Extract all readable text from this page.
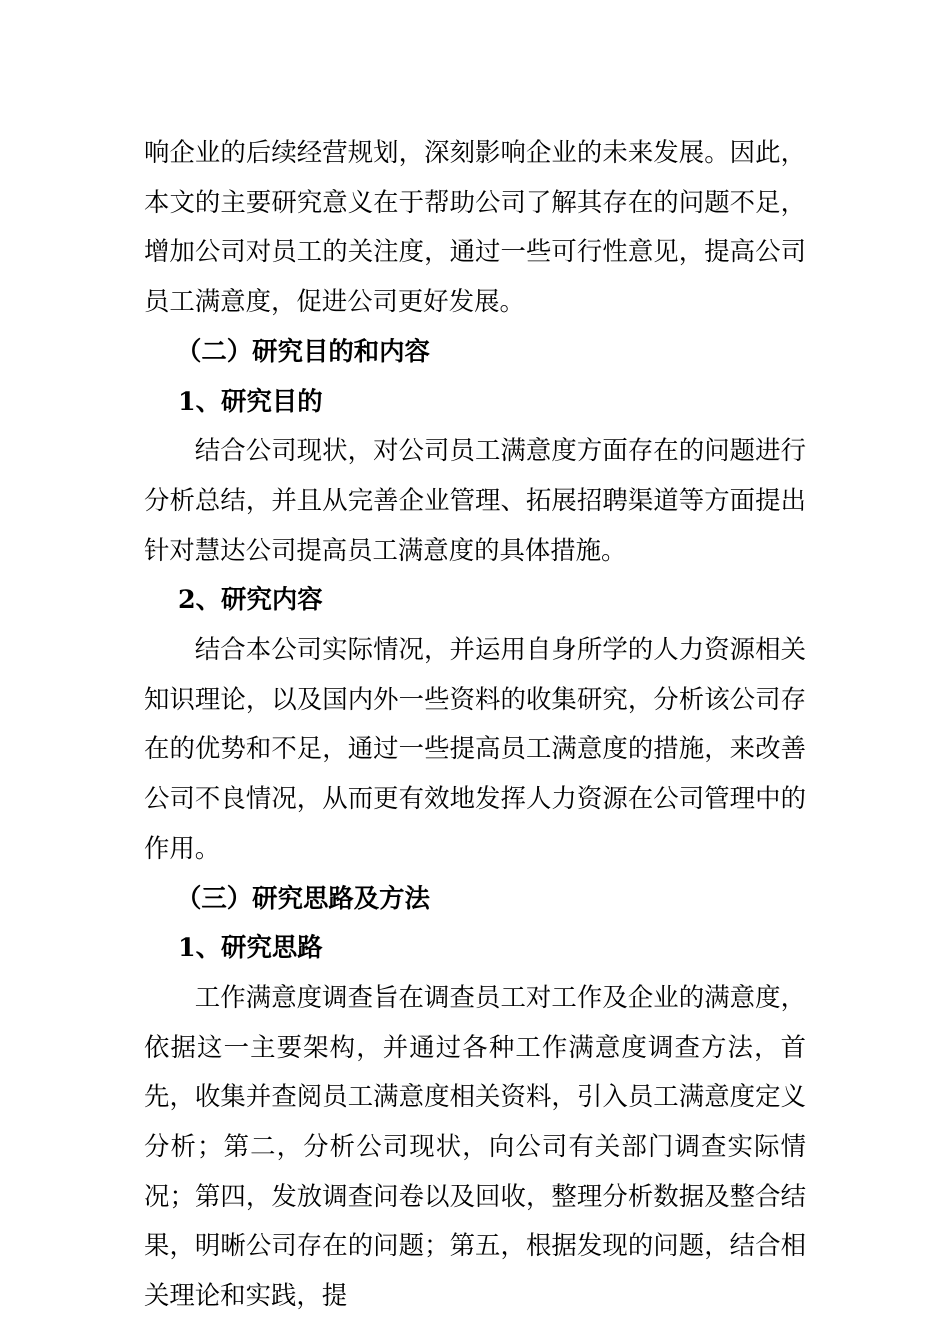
响企业的后续经营规划，深刻影响企业的未来发展。因此，本文的主要研究意义在于帮助公司了解其存在的问题不足，增加公司对员工的关注度，通过一些可行性意见，提高公司员工满意度，促进公司更好发展。

（二）研究目的和内容
1、研究目的

结合公司现状，对公司员工满意度方面存在的问题进行分析总结，并且从完善企业管理、拓展招聘渠道等方面提出针对慧达公司提高员工满意度的具体措施。

2、研究内容

结合本公司实际情况，并运用自身所学的人力资源相关知识理论，以及国内外一些资料的收集研究，分析该公司存在的优势和不足，通过一些提高员工满意度的措施，来改善公司不良情况，从而更有效地发挥人力资源在公司管理中的作用。

（三）研究思路及方法
1、研究思路

工作满意度调查旨在调查员工对工作及企业的满意度，依据这一主要架构，并通过各种工作满意度调查方法，首先，收集并查阅员工满意度相关资料，引入员工满意度定义分析；第二，分析公司现状，向公司有关部门调查实际情况；第四，发放调查问卷以及回收，整理分析数据及整合结果，明晰公司存在的问题；第五，根据发现的问题，结合相关理论和实践，提
